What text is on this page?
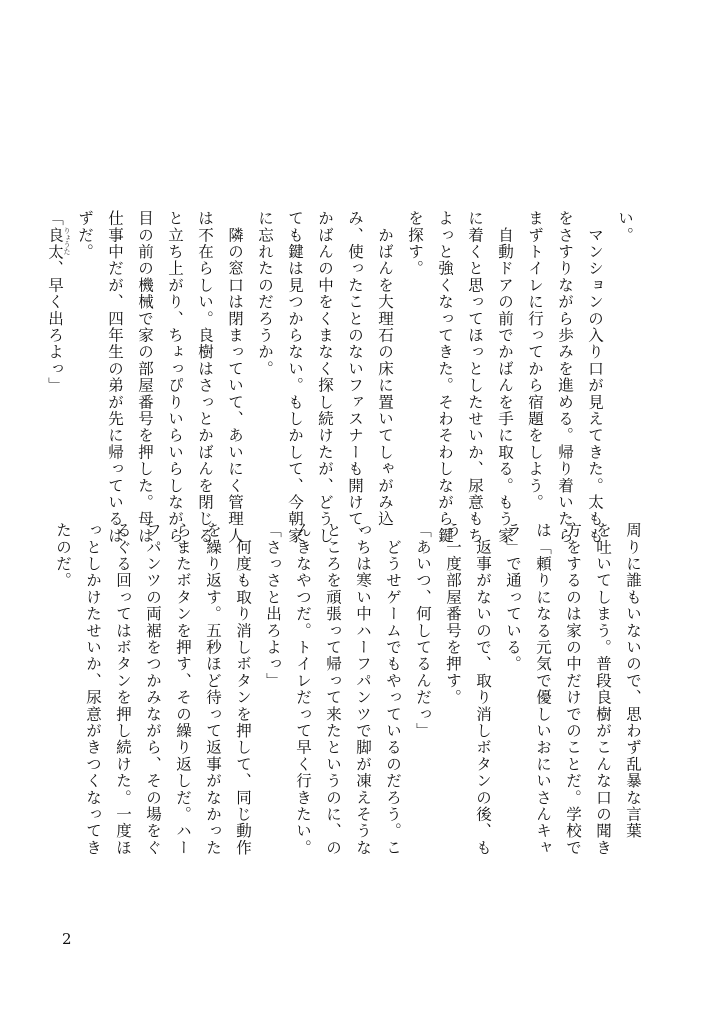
い。
　マンションの入り口が見えてきた。太もも
をさすりながら歩みを進める。帰り着いたら
まずトイレに行ってから宿題をしよう。
　自動ドアの前でかばんを手に取る。もう家
に着くと思ってほっとしたせいか、尿意もち
よっと強くなってきた。そわそわしながら鍵
を探す。
　かばんを大理石の床に置いてしゃがみ込
み、使ったことのないファスナーも開けて、
かばんの中をくまなく探し続けたが、どうし
ても鍵は見つからない。もしかして、今朝家
に忘れたのだろうか。
　隣の窓口は閉まっていて、あいにく管理人
は不在らしい。良樹はさっとかばんを閉じる
と立ち上がり、ちょっぴりいらいらしながら、
目の前の機械で家の部屋番号を押した。母は
仕事中だが、四年生の弟が先に帰っているは
ずだ。
「良太 りょうた
、早く出ろよっ」
周りに誰もいないので、思わず乱暴な言葉
を吐いてしまう。普段良樹がこんな口の聞き
方をするのは家の中だけでのことだ。学校で
は「頼りになる元気で優しいおにいさんキャ
ラ」で通っている。
　返事がないので、取り消しボタンの後、も
う一度部屋番号を押す。
「あいつ、何してるんだっ」
　どうせゲームでもやっているのだろう。こ
っちは寒い中ハーフパンツで脚が凍えそうな
ところを頑張って帰って来たというのに、の
んきなやつだ。トイレだって早く行きたい。
「さっさと出ろよっ」
　何度も取り消しボタンを押して、同じ動作
を繰り返す。五秒ほど待って返事がなかった
らまたボタンを押す、その繰り返しだ。ハー
フパンツの両裾をつかみながら、その場をぐ
るぐる回ってはボタンを押し続けた。一度ほ
っとしかけたせいか、尿意がきつくなってき
たのだ。
2
